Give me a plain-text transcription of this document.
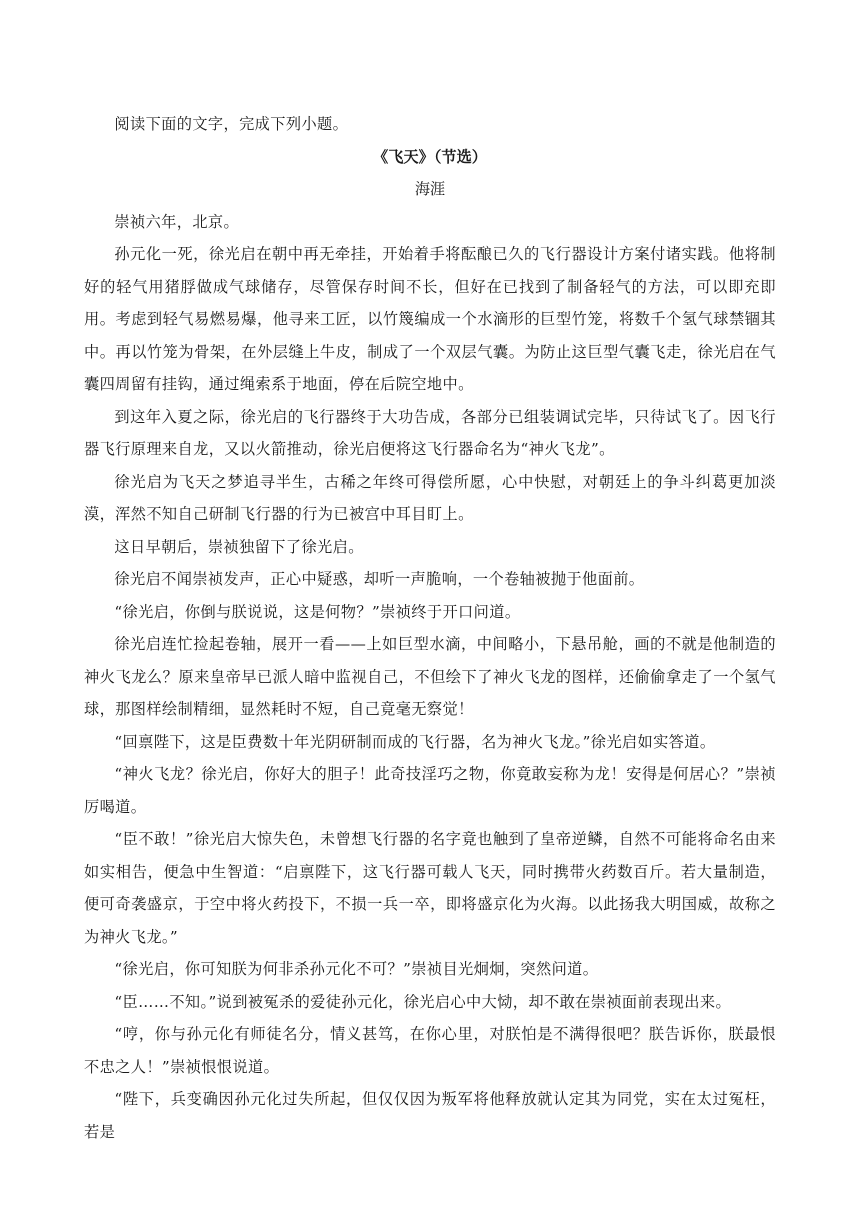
阅读下面的文字，完成下列小题。

《飞天》（节选）

海涯

崇祯六年，北京。

孙元化一死，徐光启在朝中再无牵挂，开始着手将酝酿已久的飞行器设计方案付诸实践。他将制好的轻气用猪脬做成气球储存，尽管保存时间不长，但好在已找到了制备轻气的方法，可以即充即用。考虑到轻气易燃易爆，他寻来工匠，以竹篾编成一个水滴形的巨型竹笼，将数千个氢气球禁锢其中。再以竹笼为骨架，在外层缝上牛皮，制成了一个双层气囊。为防止这巨型气囊飞走，徐光启在气囊四周留有挂钩，通过绳索系于地面，停在后院空地中。

到这年入夏之际，徐光启的飞行器终于大功告成，各部分已组装调试完毕，只待试飞了。因飞行器飞行原理来自龙，又以火箭推动，徐光启便将这飞行器命名为“神火飞龙”。

徐光启为飞天之梦追寻半生，古稀之年终可得偿所愿，心中快慰，对朝廷上的争斗纠葛更加淡漠，浑然不知自己研制飞行器的行为已被宫中耳目盯上。

这日早朝后，崇祯独留下了徐光启。

徐光启不闻崇祯发声，正心中疑惑，却听一声脆响，一个卷轴被抛于他面前。

“徐光启，你倒与朕说说，这是何物？”崇祯终于开口问道。

徐光启连忙捡起卷轴，展开一看——上如巨型水滴，中间略小，下悬吊舱，画的不就是他制造的神火飞龙么？原来皇帝早已派人暗中监视自己，不但绘下了神火飞龙的图样，还偷偷拿走了一个氢气球，那图样绘制精细，显然耗时不短，自己竟毫无察觉！

“回禀陛下，这是臣费数十年光阴研制而成的飞行器，名为神火飞龙。”徐光启如实答道。

“神火飞龙？徐光启，你好大的胆子！此奇技淫巧之物，你竟敢妄称为龙！安得是何居心？”崇祯厉喝道。

“臣不敢！”徐光启大惊失色，未曾想飞行器的名字竟也触到了皇帝逆鳞，自然不可能将命名由来如实相告，便急中生智道：“启禀陛下，这飞行器可载人飞天，同时携带火药数百斤。若大量制造，便可奇袭盛京，于空中将火药投下，不损一兵一卒，即将盛京化为火海。以此扬我大明国威，故称之为神火飞龙。”

“徐光启，你可知朕为何非杀孙元化不可？”崇祯目光炯炯，突然问道。

“臣……不知。”说到被冤杀的爱徒孙元化，徐光启心中大恸，却不敢在崇祯面前表现出来。

“哼，你与孙元化有师徒名分，情义甚笃，在你心里，对朕怕是不满得很吧？朕告诉你，朕最恨不忠之人！”崇祯恨恨说道。

“陛下，兵变确因孙元化过失所起，但仅仅因为叛军将他释放就认定其为同党，实在太过冤枉，若是
